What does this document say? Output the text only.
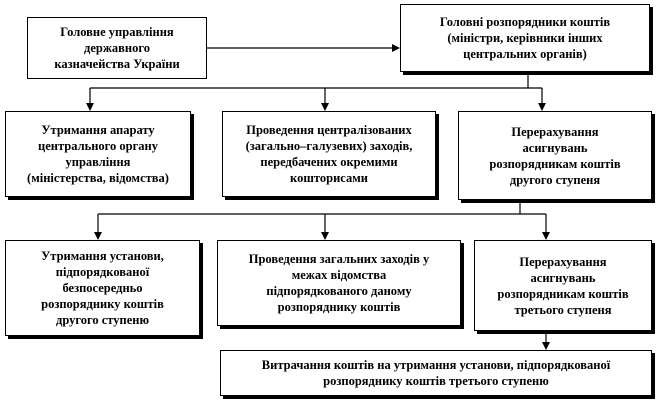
Головне управління
державного
казначейства України
Головні розпорядники коштів
(міністри, керівники інших
центральних органів)
Утримання апарату
центрального органу
управління
(міністерства, відомства)
Проведення централізованих
(загально–галузевих) заходів,
передбачених окремими
кошторисами
Перерахування
асигнувань
розпорядникам коштів
другого ступеня
Утримання установи,
підпорядкованої
безпосередньо
розпоряднику коштів
другого ступеню
Проведення загальних заходів у
межах відомства
підпорядкованого даному
розпоряднику коштів
Перерахування
асигнувань
розпорядникам коштів
третього ступеня
Витрачання коштів на утримання установи, підпорядкованої
розпоряднику коштів третього ступеню
